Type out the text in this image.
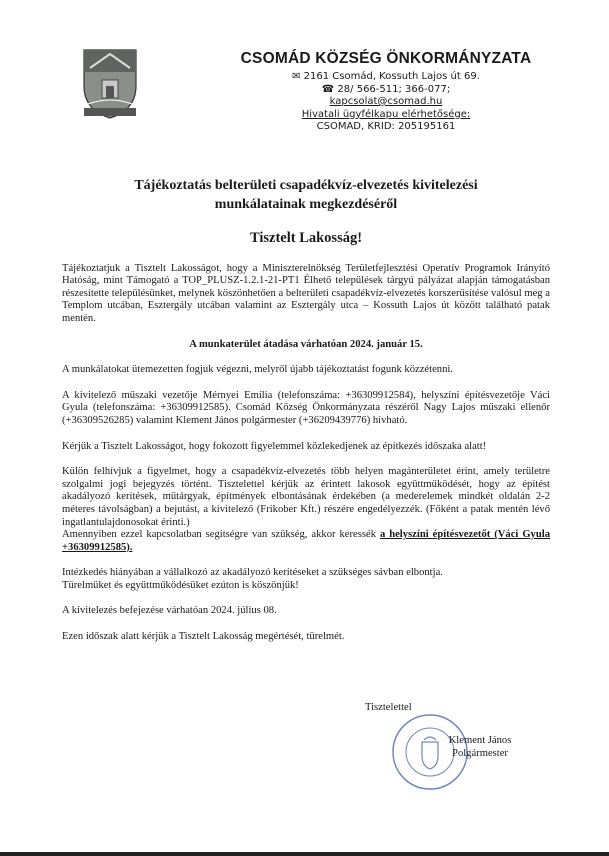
CSOMÁD KÖZSÉG ÖNKORMÁNYZATA
✉ 2161 Csomád, Kossuth Lajos út 69.
☎ 28/ 566-511; 366-077;
kapcsolat@csomad.hu
Hivatali ügyfélkapu elérhetősége:
CSOMAD, KRID: 205195161
Tájékoztatás belterületi csapadékvíz-elvezetés kivitelezési
munkálatainak megkezdéséről
Tisztelt Lakosság!

Tájékoztatjuk a Tisztelt Lakosságot, hogy a Miniszterelnökség Területfejlesztési Operatív Programok Irányító Hatóság, mint Támogató a TOP_PLUSZ-1.2.1-21-PT1 Élhető települések tárgyú pályázat alapján támogatásban részesítette településünket, melynek köszönhetően a belterületi csapadékvíz-elvezetés korszerűsítése valósul meg a Templom utcában, Esztergály utcában valamint az Esztergály utca – Kossuth Lajos út között található patak mentén.

A munkaterület átadása várhatóan 2024. január 15.

A munkálatokat ütemezetten fogjuk végezni, melyről újabb tájékoztatást fogunk közzétenni.

A kivitelező műszaki vezetője Mérnyei Emília (telefonszáma: +36309912584), helyszíni építésvezetője Váci Gyula (telefonszáma: +36309912585). Csomád Község Önkormányzata részéről Nagy Lajos műszaki ellenőr (+36309526285) valamint Klement János polgármester (+36209439776) hívható.

Kérjük a Tisztelt Lakosságot, hogy fokozott figyelemmel közlekedjenek az építkezés időszaka alatt!

Külön felhívjuk a figyelmet, hogy a csapadékvíz-elvezetés több helyen magánterületet érint, amely területre szolgalmi jogi bejegyzés történt. Tisztelettel kérjük az érintett lakosok együttműködését, hogy az építést akadályozó kerítések, műtárgyak, építmények elbontásának érdekében (a mederelemek mindkét oldalán 2-2 méteres távolságban) a bejutást, a kivitelező (Frikober Kft.) részére engedélyezzék. (Főként a patak mentén lévő ingatlantulajdonosokat érinti.)

Amennyiben ezzel kapcsolatban segítségre van szükség, akkor keressék a helyszíni építésvezetőt (Váci Gyula +36309912585).

Intézkedés hiányában a vállalkozó az akadályozó kerítéseket a szükséges sávban elbontja.

Türelmüket és együttműködésüket ezúton is köszönjük!

A kivitelezés befejezése várhatóan 2024. július 08.

Ezen időszak alatt kérjük a Tisztelt Lakosság megértését, türelmét.

Tisztelettel
Klement János
Polgármester
